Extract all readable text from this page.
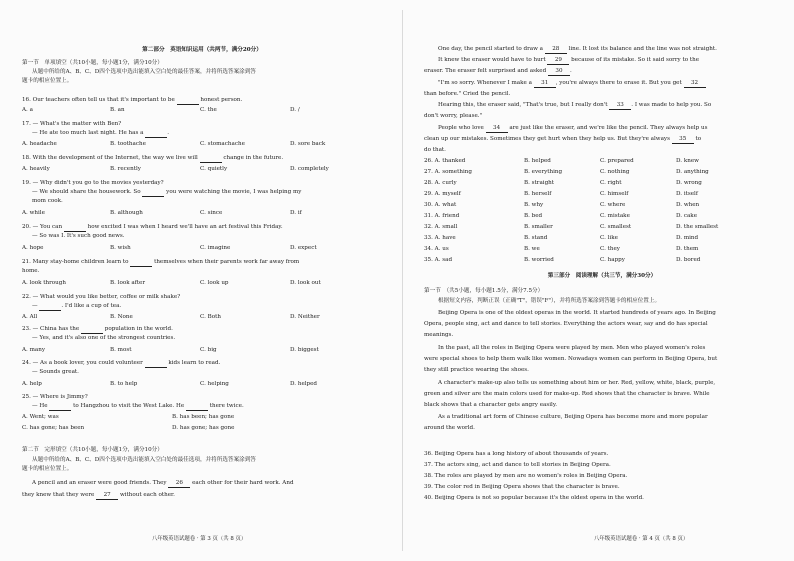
第二部分　英语知识运用（共两节，满分20分）
第一节　单项填空（共10小题，每小题1分，满分10分）
从题中所给的A、B、C、D四个选项中选出能填入空白处的最佳答案，并将所选答案涂到答
题卡的相应位置上。
16. Our teachers often tell us that it's important to be	honest person.
A. a	B. an	C. the	D. /
17. — What's the matter with Ben?
— He ate too much last night. He has a	.
A. headache	B. toothache	C. stomachache	D. sore back
18. With the development of the Internet, the way we live will	change in the future.
A. heavily	B. recently	C. quietly	D. completely
19. — Why didn't you go to the movies yesterday?
— We should share the housework. So	you were watching the movie, I was helping my
mom cook.
A. while	B. although	C. since	D. if
20. — You can	how excited I was when I heard we'll have an art festival this Friday.
— So was I. It's such good news.
A. hope	B. wish	C. imagine	D. expect
21. Many stay-home children learn to	themselves when their parents work far away from
home.
A. look through	B. look after	C. look up	D. look out
22. — What would you like better, coffee or milk shake?
—	. I'd like a cup of tea.
A. All	B. None	C. Both	D. Neither
23. — China has the	population in the world.
— Yes, and it's also one of the strongest countries.
A. many	B. most	C. big	D. biggest
24. — As a book lover, you could volunteer	kids learn to read.
— Sounds great.
A. help	B. to help	C. helping	D. helped
25. — Where is Jimmy?
— He	to Hangzhou to visit the West Lake. He	there twice.
A. Went; was	B. has been; has gone
C. has gone; has been	D. has gone; has gone
第二节　完形填空（共10小题，每小题1分，满分10分）
从题中所给的A、B、C、D四个选项中选出能填入空白处的最佳选项，并将所选答案涂到答
题卡的相应位置上。
A pencil and an eraser were good friends. They 26 each other for their hard work. And
they knew that they were 27 without each other.
八年级英语试题卷 · 第 3 页（共 8 页）
One day, the pencil started to draw a 28 line. It lost its balance and the line was not straight.
It knew the eraser would have to hurt 29 because of its mistake. So it said sorry to the
eraser. The eraser felt surprised and asked 30 .
"I'm so sorry. Whenever I make a 31 , you're always there to erase it. But you get 32
than before." Cried the pencil.
Hearing this, the eraser said, "That's true, but I really don't 33 . I was made to help you. So
don't worry, please."
People who love 34 are just like the eraser, and we're like the pencil. They always help us
clean up our mistakes. Sometimes they get hurt when they help us. But they're always 35 to
do that.
26. A. thanked	B. helped	C. prepared	D. knew
27. A. something	B. everything	C. nothing	D. anything
28. A. curly	B. straight	C. right	D. wrong
29. A. myself	B. herself	C. himself	D. itself
30. A. what	B. why	C. where	D. when
31. A. friend	B. bed	C. mistake	D. cake
32. A. small	B. smaller	C. smallest	D. the smallest
33. A. have	B. stand	C. like	D. mind
34. A. us	B. we	C. they	D. them
35. A. sad	B. worried	C. happy	D. bored
第三部分　阅读理解（共三节，满分30分）
第一节　（共5小题，每小题1.5分，满分7.5分）
根据短文内容，判断正误（正确"T"，错误"F"），并将所选答案涂到答题卡的相应位置上。
Beijing Opera is one of the oldest operas in the world. It started hundreds of years ago. In Beijing
Opera, people sing, act and dance to tell stories. Everything the actors wear, say and do has special
meanings.
In the past, all the roles in Beijing Opera were played by men. Men who played women's roles
were special shoes to help them walk like women. Nowadays women can perform in Beijing Opera, but
they still practice wearing the shoes.
A character's make-up also tells us something about him or her. Red, yellow, white, black, purple,
green and silver are the main colors used for make-up. Red shows that the character is brave. While
black shows that a character gets angry easily.
As a traditional art form of Chinese culture, Beijing Opera has become more and more popular
around the world.
36. Beijing Opera has a long history of about thousands of years.
37. The actors sing, act and dance to tell stories in Beijing Opera.
38. The roles are played by men are no women's roles in Beijing Opera.
39. The color red in Beijing Opera shows that the character is brave.
40. Beijing Opera is not so popular because it's the oldest opera in the world.
八年级英语试题卷 · 第 4 页（共 8 页）
